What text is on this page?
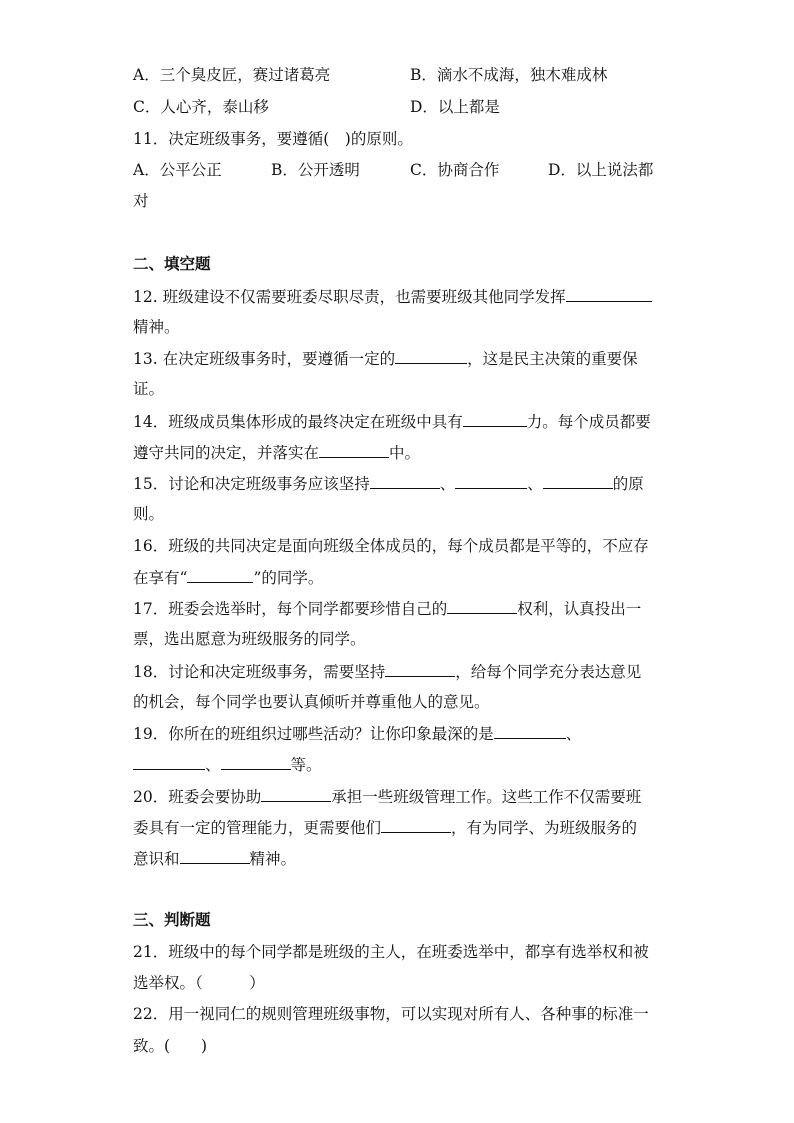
A．三个臭皮匠，赛过诸葛亮	B．滴水不成海，独木难成林
C．人心齐，泰山移	D．以上都是
11．决定班级事务，要遵循(　)的原则。
A．公平公正	B．公开透明	C．协商合作	D．以上说法都
对
二、填空题
12. 班级建设不仅需要班委尽职尽责，也需要班级其他同学发挥
精神。
13. 在决定班级事务时，要遵循一定的	，这是民主决策的重要保
证。
14．班级成员集体形成的最终决定在班级中具有	力。每个成员都要
遵守共同的决定，并落实在	中。
15．讨论和决定班级事务应该坚持	、	、	的原
则。
16．班级的共同决定是面向班级全体成员的，每个成员都是平等的，不应存
在享有“	”的同学。
17．班委会选举时，每个同学都要珍惜自己的	权利，认真投出一
票，选出愿意为班级服务的同学。
18．讨论和决定班级事务，需要坚持	，给每个同学充分表达意见
的机会，每个同学也要认真倾听并尊重他人的意见。
19．你所在的班组织过哪些活动？让你印象最深的是	、
、	等。
20．班委会要协助	承担一些班级管理工作。这些工作不仅需要班
委具有一定的管理能力，更需要他们	，有为同学、为班级服务的
意识和	精神。
三、判断题
21．班级中的每个同学都是班级的主人，在班委选举中，都享有选举权和被
选举权。（　　　）
22．用一视同仁的规则管理班级事物，可以实现对所有人、各种事的标准一
致。(　　)
